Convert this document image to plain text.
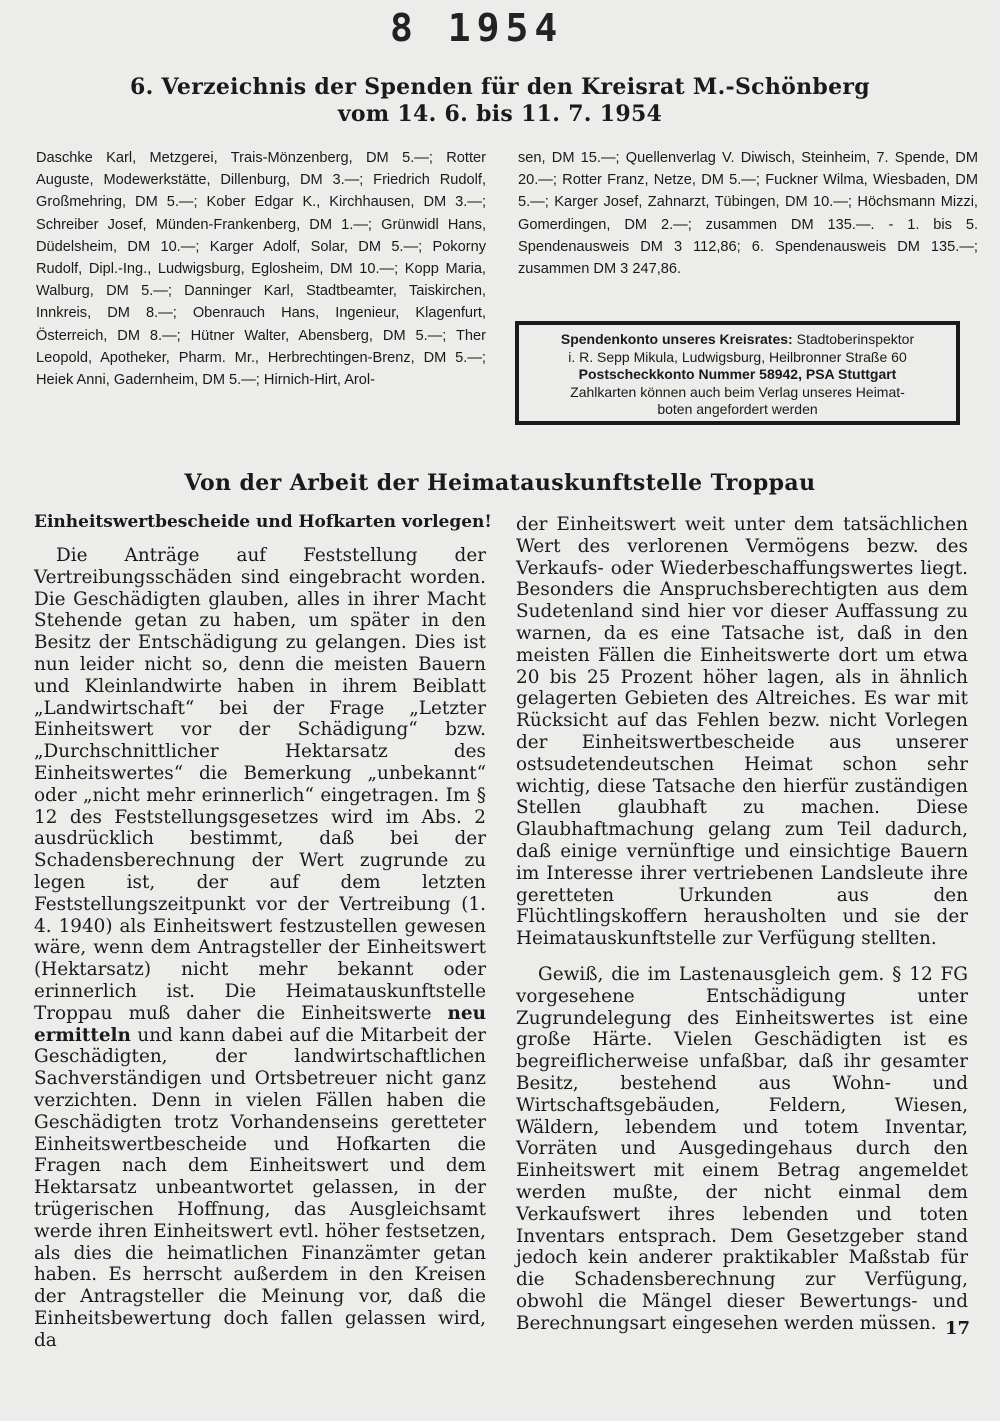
8 1954
6. Verzeichnis der Spenden für den Kreisrat M.-Schönberg
vom 14. 6. bis 11. 7. 1954
Daschke Karl, Metzgerei, Trais-Mönzenberg, DM 5.—; Rotter Auguste, Modewerkstätte, Dillenburg, DM 3.—; Friedrich Rudolf, Großmehring, DM 5.—; Kober Edgar K., Kirchhausen, DM 3.—; Schreiber Josef, Münden-Frankenberg, DM 1.—; Grünwidl Hans, Düdelsheim, DM 10.—; Karger Adolf, Solar, DM 5.—; Pokorny Rudolf, Dipl.-Ing., Ludwigsburg, Eglosheim, DM 10.—; Kopp Maria, Walburg, DM 5.—; Danninger Karl, Stadtbeamter, Taiskirchen, Innkreis, DM 8.—; Obenrauch Hans, Ingenieur, Klagenfurt, Österreich, DM 8.—; Hütner Walter, Abensberg, DM 5.—; Ther Leopold, Apotheker, Pharm. Mr., Herbrechtingen-Brenz, DM 5.—; Heiek Anni, Gadernheim, DM 5.—; Hirnich-Hirt, Arol-
sen, DM 15.—; Quellenverlag V. Diwisch, Steinheim, 7. Spende, DM 20.—; Rotter Franz, Netze, DM 5.—; Fuckner Wilma, Wiesbaden, DM 5.—; Karger Josef, Zahnarzt, Tübingen, DM 10.—; Höchsmann Mizzi, Gomerdingen, DM 2.—; zusammen DM 135.—. - 1. bis 5. Spendenausweis DM 3 112,86; 6. Spendenausweis DM 135.—; zusammen DM 3 247,86.
Spendenkonto unseres Kreisrates: Stadtoberinspektor
i. R. Sepp Mikula, Ludwigsburg, Heilbronner Straße 60
Postscheckkonto Nummer 58942, PSA Stuttgart
Zahlkarten können auch beim Verlag unseres Heimat-
boten angefordert werden
Von der Arbeit der Heimatauskunftstelle Troppau
Einheitswertbescheide und Hofkarten vorlegen!

Die Anträge auf Feststellung der Vertreibungsschäden sind eingebracht worden. Die Geschädigten glauben, alles in ihrer Macht Stehende getan zu haben, um später in den Besitz der Entschädigung zu gelangen. Dies ist nun leider nicht so, denn die meisten Bauern und Kleinlandwirte haben in ihrem Beiblatt „Landwirtschaft“ bei der Frage „Letzter Einheitswert vor der Schädigung“ bzw. „Durchschnittlicher Hektarsatz des Einheitswertes“ die Bemerkung „unbekannt“ oder „nicht mehr erinnerlich“ eingetragen. Im § 12 des Feststellungsgesetzes wird im Abs. 2 ausdrücklich bestimmt, daß bei der Schadensberechnung der Wert zugrunde zu legen ist, der auf dem letzten Feststellungszeitpunkt vor der Vertreibung (1. 4. 1940) als Einheitswert festzustellen gewesen wäre, wenn dem Antragsteller der Einheitswert (Hektarsatz) nicht mehr bekannt oder erinnerlich ist. Die Heimatauskunftstelle Troppau muß daher die Einheitswerte neu ermitteln und kann dabei auf die Mitarbeit der Geschädigten, der landwirtschaftlichen Sachverständigen und Ortsbetreuer nicht ganz verzichten. Denn in vielen Fällen haben die Geschädigten trotz Vorhandenseins geretteter Einheitswertbescheide und Hofkarten die Fragen nach dem Einheitswert und dem Hektarsatz unbeantwortet gelassen, in der trügerischen Hoffnung, das Ausgleichsamt werde ihren Einheitswert evtl. höher festsetzen, als dies die heimatlichen Finanzämter getan haben. Es herrscht außerdem in den Kreisen der Antragsteller die Meinung vor, daß die Einheitsbewertung doch fallen gelassen wird, da

der Einheitswert weit unter dem tatsächlichen Wert des verlorenen Vermögens bezw. des Verkaufs- oder Wiederbeschaffungswertes liegt. Besonders die Anspruchsberechtigten aus dem Sudetenland sind hier vor dieser Auffassung zu warnen, da es eine Tatsache ist, daß in den meisten Fällen die Einheitswerte dort um etwa 20 bis 25 Prozent höher lagen, als in ähnlich gelagerten Gebieten des Altreiches. Es war mit Rücksicht auf das Fehlen bezw. nicht Vorlegen der Einheitswertbescheide aus unserer ostsudetendeutschen Heimat schon sehr wichtig, diese Tatsache den hierfür zuständigen Stellen glaubhaft zu machen. Diese Glaubhaftmachung gelang zum Teil dadurch, daß einige vernünftige und einsichtige Bauern im Interesse ihrer vertriebenen Landsleute ihre geretteten Urkunden aus den Flüchtlingskoffern herausholten und sie der Heimatauskunftstelle zur Verfügung stellten.

Gewiß, die im Lastenausgleich gem. § 12 FG vorgesehene Entschädigung unter Zugrundelegung des Einheitswertes ist eine große Härte. Vielen Geschädigten ist es begreiflicherweise unfaßbar, daß ihr gesamter Besitz, bestehend aus Wohn- und Wirtschaftsgebäuden, Feldern, Wiesen, Wäldern, lebendem und totem Inventar, Vorräten und Ausgedingehaus durch den Einheitswert mit einem Betrag angemeldet werden mußte, der nicht einmal dem Verkaufswert ihres lebenden und toten Inventars entsprach. Dem Gesetzgeber stand jedoch kein anderer praktikabler Maßstab für die Schadensberechnung zur Verfügung, obwohl die Mängel dieser Bewertungs- und Berechnungsart eingesehen werden müssen. 17
